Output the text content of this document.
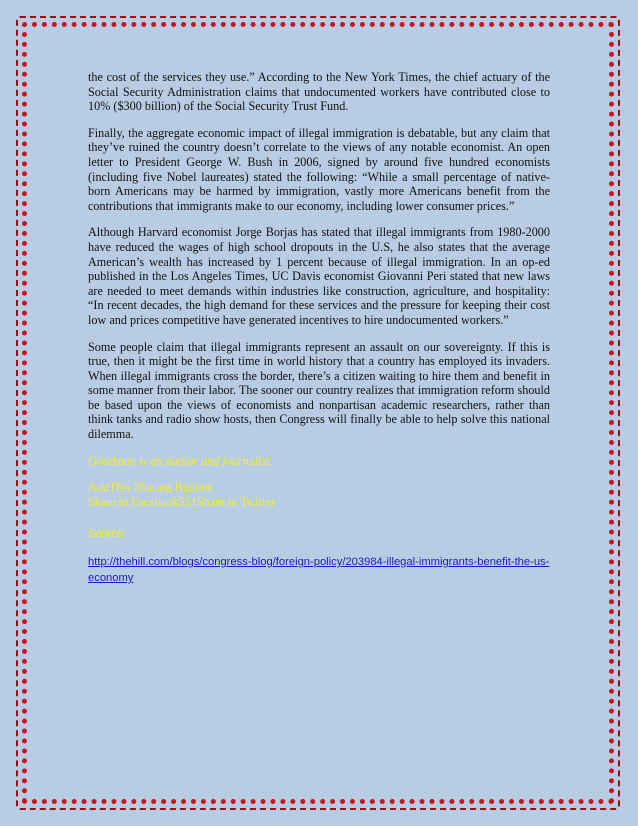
the cost of the services they use.” According to the New York Times, the chief actuary of the Social Security Administration claims that undocumented workers have contributed close to 10% ($300 billion) of the Social Security Trust Fund.

Finally, the aggregate economic impact of illegal immigration is debatable, but any claim that they’ve ruined the country doesn’t correlate to the views of any notable economist. An open letter to President George W. Bush in 2006, signed by around five hundred economists (including five Nobel laureates) stated the following: “While a small percentage of native-born Americans may be harmed by immigration, vastly more Americans benefit from the contributions that immigrants make to our economy, including lower consumer prices.”

Although Harvard economist Jorge Borjas has stated that illegal immigrants from 1980-2000 have reduced the wages of high school dropouts in the U.S, he also states that the average American’s wealth has increased by 1 percent because of illegal immigration. In an op-ed published in the Los Angeles Times, UC Davis economist Giovanni Peri stated that new laws are needed to meet demands within industries like construction, agriculture, and hospitality: “In recent decades, the high demand for these services and the pressure for keeping their cost low and prices competitive have generated incentives to hire undocumented workers.”

Some people claim that illegal immigrants represent an assault on our sovereignty. If this is true, then it might be the first time in world history that a country has employed its invaders. When illegal immigrants cross the border, there’s a citizen waiting to hire them and benefit in some manner from their labor. The sooner our country realizes that immigration reform should be based upon the views of economists and nonpartisan academic researchers, rather than think tanks and radio show hosts, then Congress will finally be able to help solve this national dilemma.

Goodman is an author and journalist.

AddThis Sharing Buttons
Share to Facebook551Share to Twitter
Source:
http://thehill.com/blogs/congress-blog/foreign-policy/203984-illegal-immigrants-benefit-the-us-economy
